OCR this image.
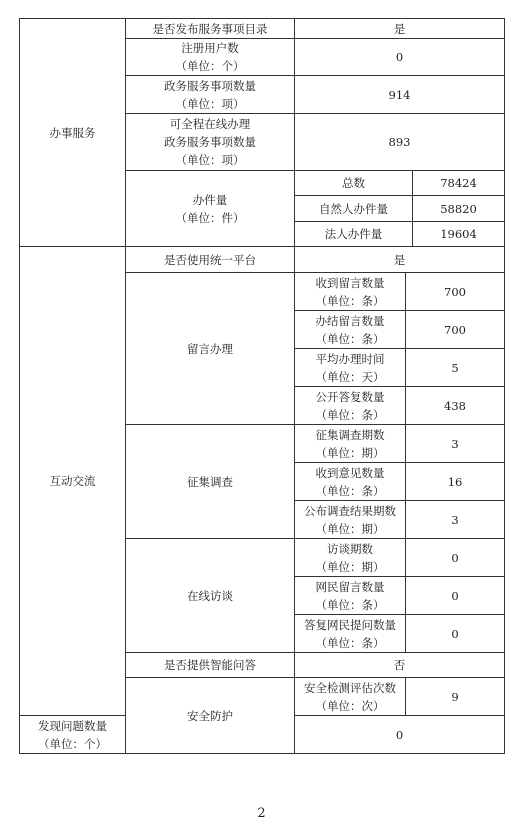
办事服务	是否发布服务事项目录	是		

	注册用户数
（单位：个）	0		

	政务服务事项数量
（单位：项）	914		

	可全程在线办理
政务服务事项数量
（单位：项）	893		

	办件量
（单位：件）	总数		78424
		自然人办件量		58820
		法人办件量		19604
互动交流	是否使用统一平台	是		
	留言办理	收到留言数量
（单位：条）	700	

		办结留言数量
（单位：条）	700	

		平均办理时间
（单位：天）	5	

		公开答复数量
（单位：条）	438	
	征集调查	征集调查期数
（单位：期）	3	

		收到意见数量
（单位：条）	16	

		公布调查结果期数
（单位：期）	3	
	在线访谈	访谈期数
（单位：期）	0	

		网民留言数量
（单位：条）	0	

		答复网民提问数量
（单位：条）	0	
	是否提供智能问答	否		
	安全防护	安全检测评估次数
（单位：次）	9	

发现问题数量
（单位：个）		0		
2
